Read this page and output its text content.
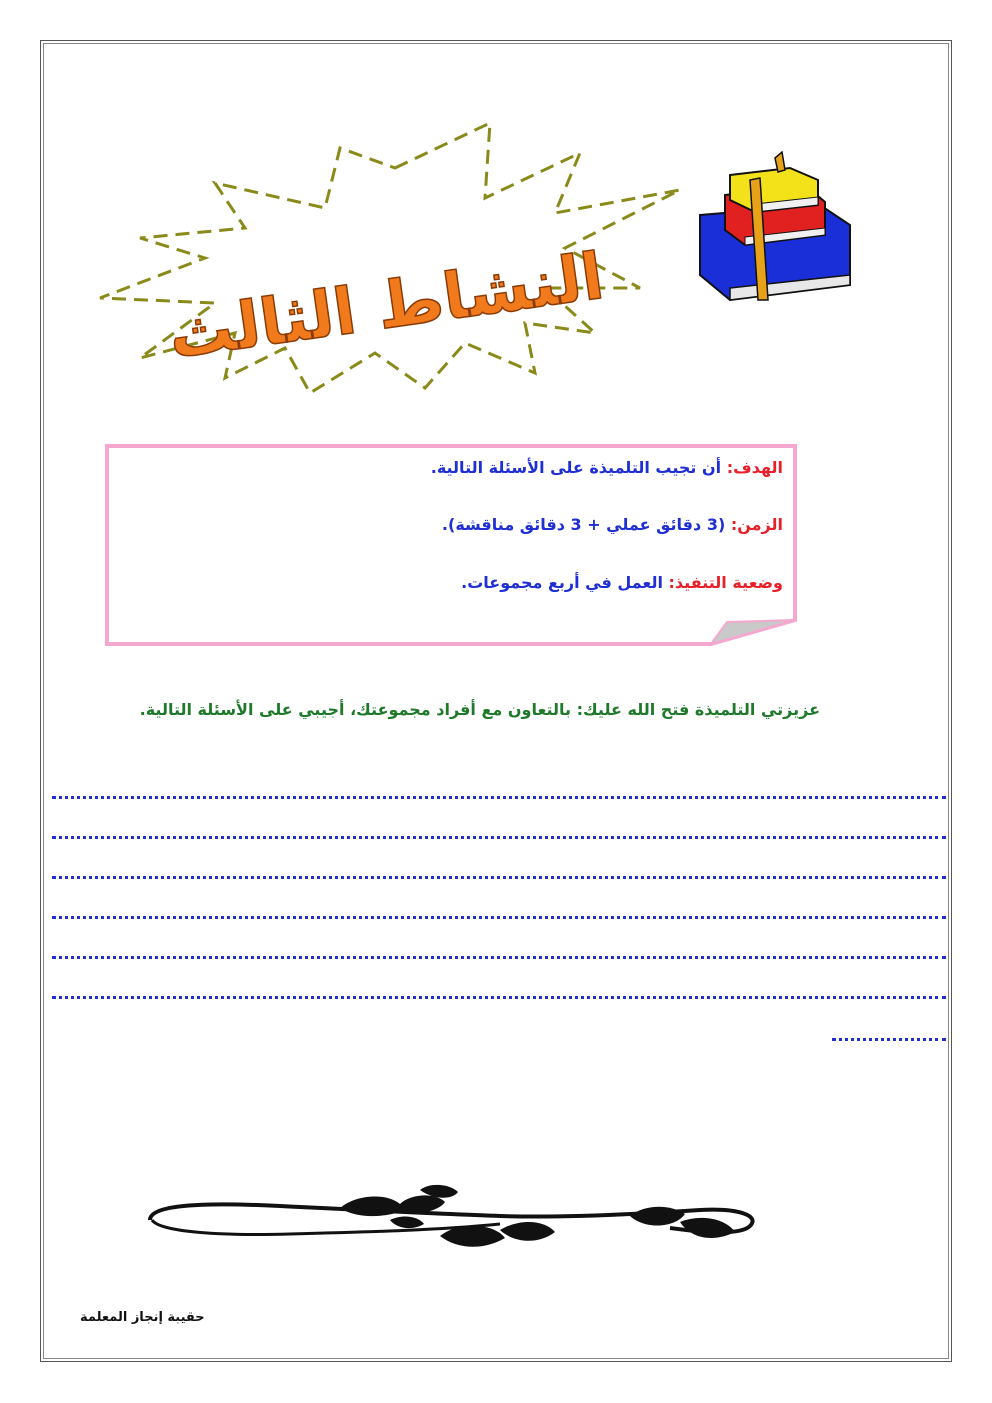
النشاط الثالث
الهدف: أن تجيب التلميذة على الأسئلة التالية.
الزمن: (3 دقائق عملي + 3 دقائق مناقشة).
وضعية التنفيذ: العمل في أربع مجموعات.
عزيزتي التلميذة فتح الله عليك: بالتعاون مع أفراد مجموعتك، أجيبي على الأسئلة التالية.
حقيبة إنجاز المعلمة
